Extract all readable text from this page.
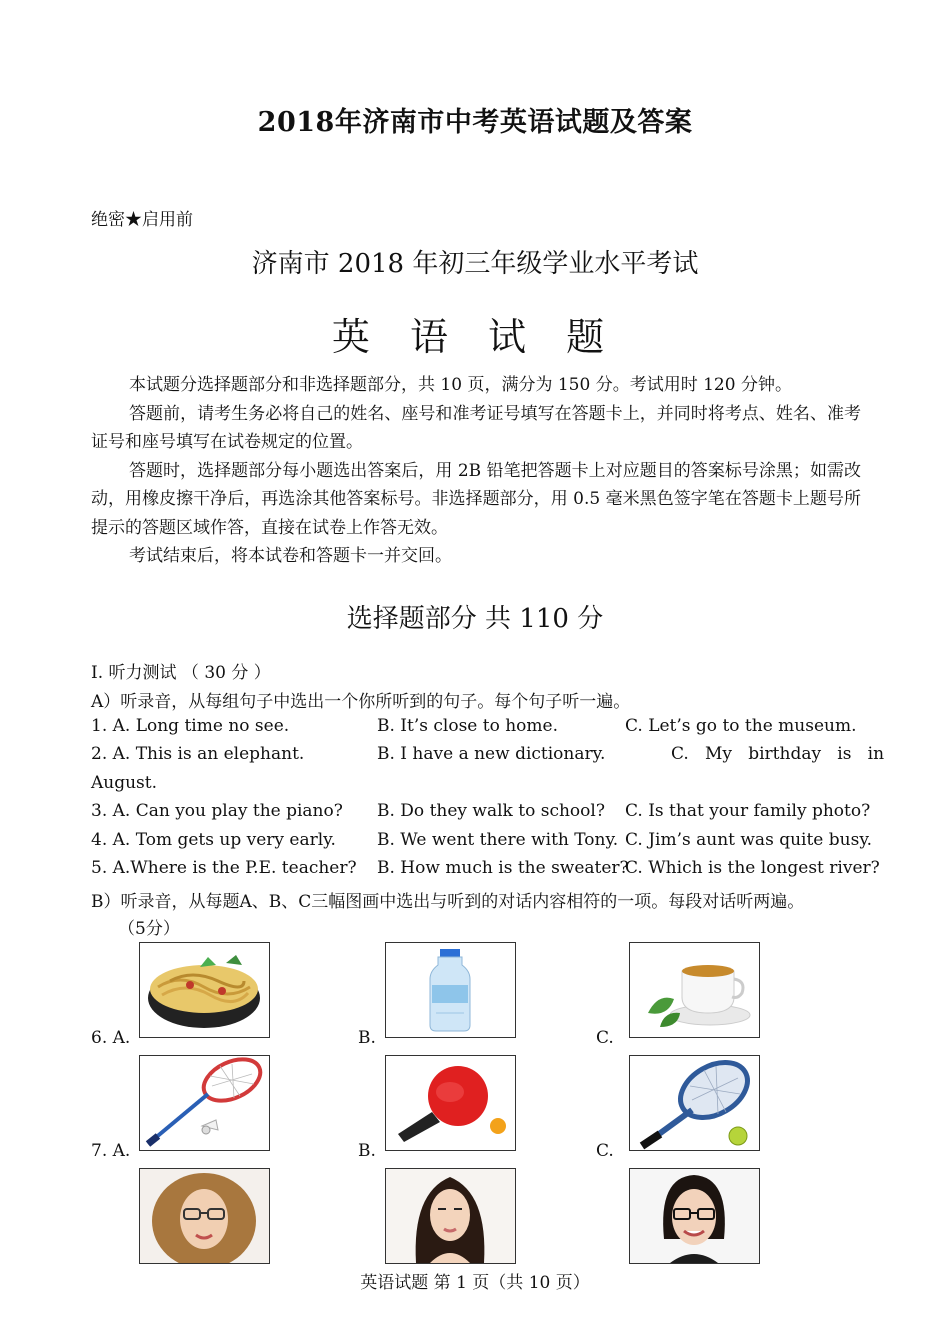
2018年济南市中考英语试题及答案
绝密★启用前
济南市 2018 年初三年级学业水平考试
英 语 试 题

本试题分选择题部分和非选择题部分，共 10 页，满分为 150 分。考试用时 120 分钟。

答题前，请考生务必将自己的姓名、座号和准考证号填写在答题卡上，并同时将考点、姓名、准考证号和座号填写在试卷规定的位置。

答题时，选择题部分每小题选出答案后，用 2B 铅笔把答题卡上对应题目的答案标号涂黑；如需改动，用橡皮擦干净后，再选涂其他答案标号。非选择题部分，用 0.5 毫米黑色签字笔在答题卡上题号所提示的答题区域作答，直接在试卷上作答无效。

考试结束后，将本试卷和答题卡一并交回。

选择题部分 共 110 分
I. 听力测试 （ 30 分 ）
A）听录音，从每组句子中选出一个你所听到的句子。每个句子听一遍。
1. A. Long time no see.	B. It’s close to home.	C. Let’s go to the museum.
2. A. This is an elephant.	B. I have a new dictionary.	C.   My   birthday   is   in
August.
3. A. Can you play the piano? B. Do they walk to school? C. Is that your family photo?
4. A. Tom gets up very early. B. We went there with Tony. C. Jim’s aunt was quite busy.
5. A.Where is the P.E. teacher? B. How much is the sweater?
C. Which is the longest river?
B）听录音，从每题A、B、C三幅图画中选出与听到的对话内容相符的一项。每段对话听两遍。
（5分）
6. A.	B.	C.
7. A.	B.	C.
英语试题 第 1 页（共 10 页）
